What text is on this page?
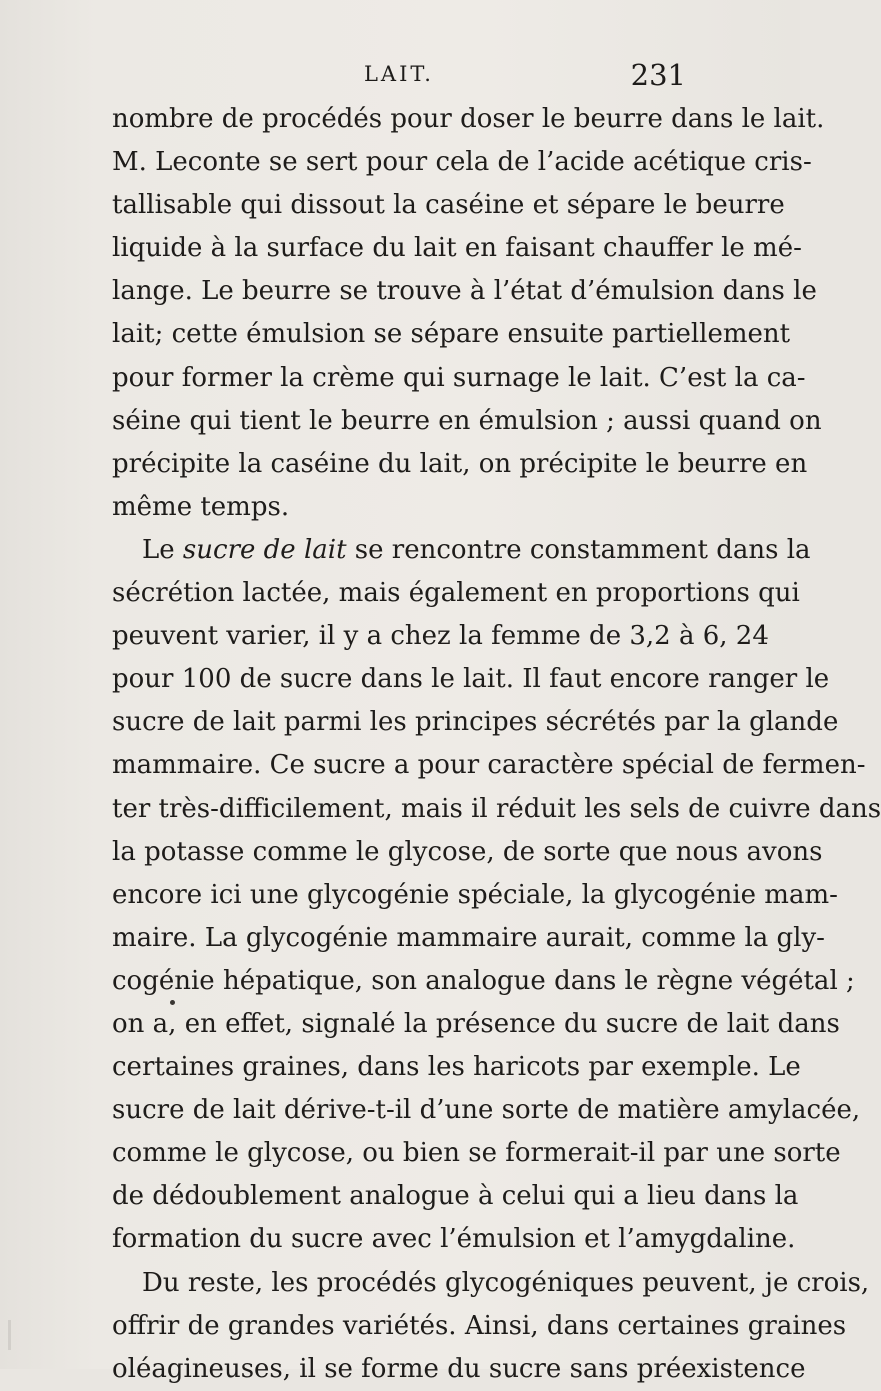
LAIT.	231
nombre de procédés pour doser le beurre dans le lait.
M. Leconte se sert pour cela de l’acide acétique cris-
tallisable qui dissout la caséine et sépare le beurre
liquide à la surface du lait en faisant chauffer le mé-
lange. Le beurre se trouve à l’état d’émulsion dans le
lait; cette émulsion se sépare ensuite partiellement
pour former la crème qui surnage le lait. C’est la ca-
séine qui tient le beurre en émulsion ; aussi quand on
précipite la caséine du lait, on précipite le beurre en
même temps.
Le sucre de lait se rencontre constamment dans la
sécrétion lactée, mais également en proportions qui
peuvent varier, il y a chez la femme de 3,2 à 6, 24
pour 100 de sucre dans le lait. Il faut encore ranger le
sucre de lait parmi les principes sécrétés par la glande
mammaire. Ce sucre a pour caractère spécial de fermen-
ter très-difficilement, mais il réduit les sels de cuivre dans
la potasse comme le glycose, de sorte que nous avons
encore ici une glycogénie spéciale, la glycogénie mam-
maire. La glycogénie mammaire aurait, comme la gly-
cogénie hépatique, son analogue dans le règne végétal ;
on a, en effet, signalé la présence du sucre de lait dans
certaines graines, dans les haricots par exemple. Le
sucre de lait dérive-t-il d’une sorte de matière amylacée,
comme le glycose, ou bien se formerait-il par une sorte
de dédoublement analogue à celui qui a lieu dans la
formation du sucre avec l’émulsion et l’amygdaline.
Du reste, les procédés glycogéniques peuvent, je crois,
offrir de grandes variétés. Ainsi, dans certaines graines
oléagineuses, il se forme du sucre sans préexistence
